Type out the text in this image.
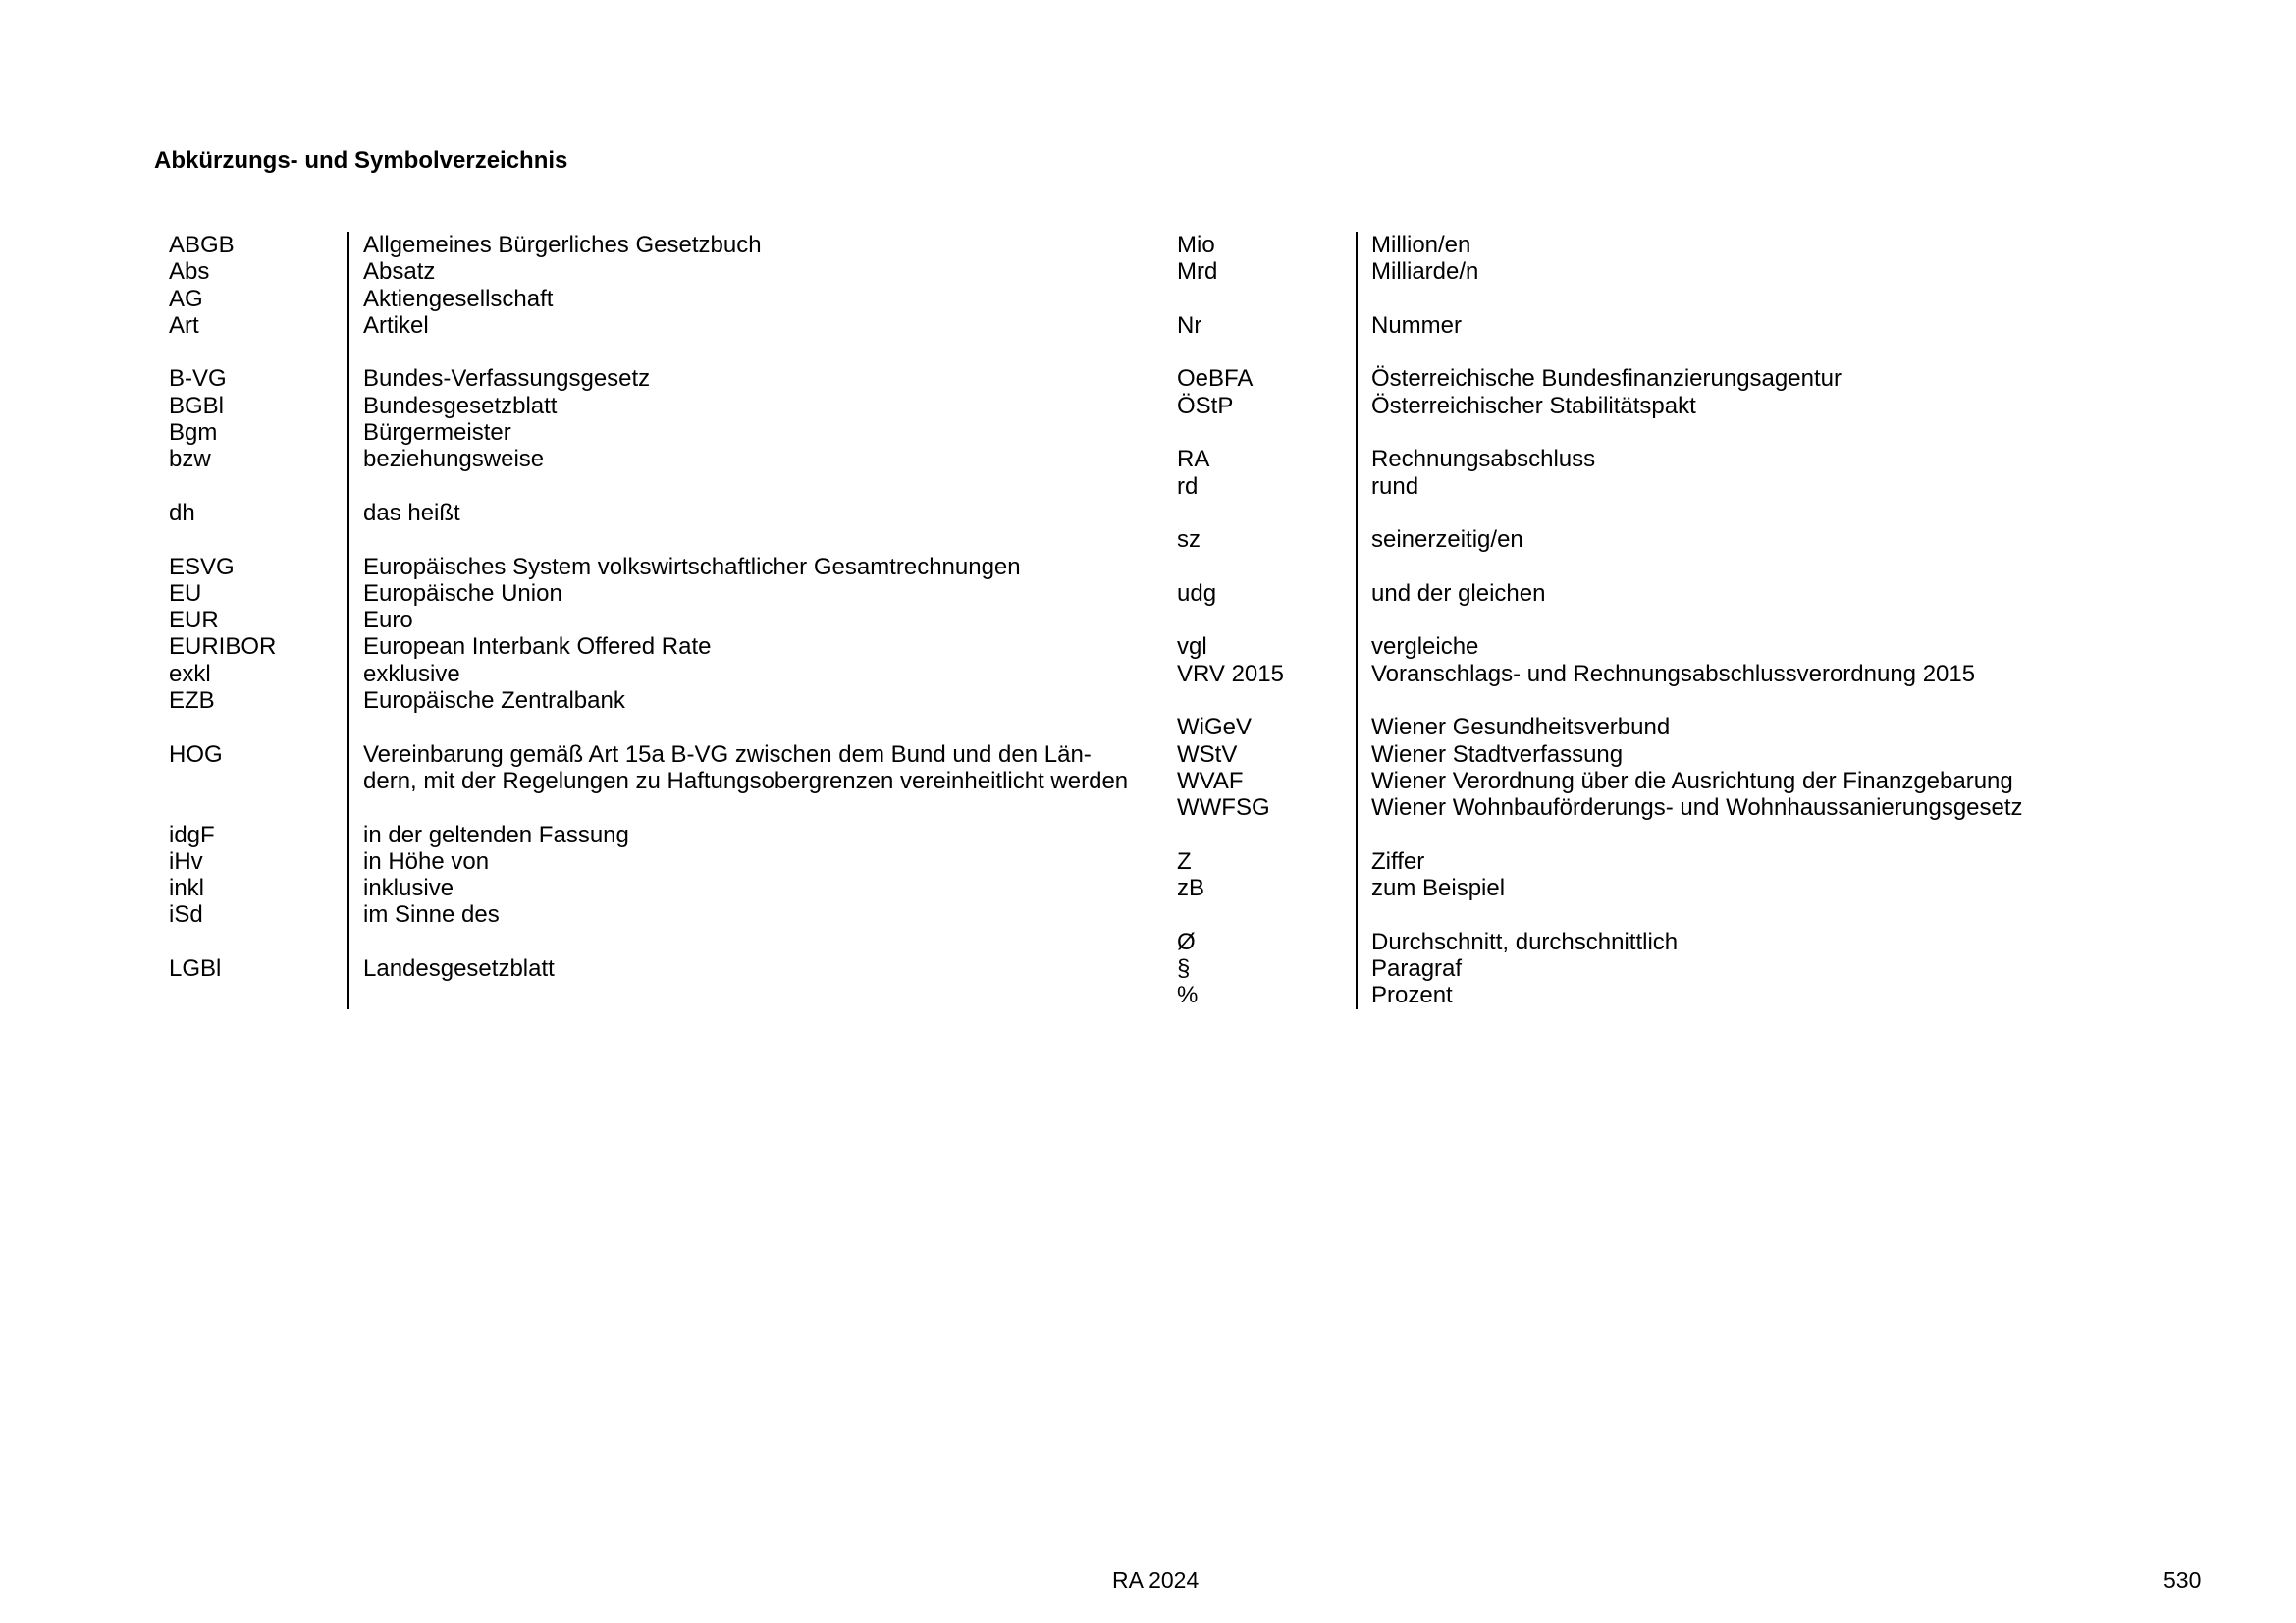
Abkürzungs- und Symbolverzeichnis
ABGB	Allgemeines Bürgerliches Gesetzbuch
Abs	Absatz
AG	Aktiengesellschaft
Art	Artikel
B-VG	Bundes-Verfassungsgesetz
BGBl	Bundesgesetzblatt
Bgm	Bürgermeister
bzw	beziehungsweise
dh	das heißt
ESVG	Europäisches System volkswirtschaftlicher Gesamtrechnungen
EU	Europäische Union
EUR	Euro
EURIBOR	European Interbank Offered Rate
exkl	exklusive
EZB	Europäische Zentralbank
HOG	Vereinbarung gemäß Art 15a B-VG zwischen dem Bund und den Län-
dern, mit der Regelungen zu Haftungsobergrenzen vereinheitlicht werden
idgF	in der geltenden Fassung
iHv	in Höhe von
inkl	inklusive
iSd	im Sinne des
LGBl	Landesgesetzblatt
Mio	Million/en
Mrd	Milliarde/n
Nr	Nummer
OeBFA	Österreichische Bundesfinanzierungsagentur
ÖStP	Österreichischer Stabilitätspakt
RA	Rechnungsabschluss
rd	rund
sz	seinerzeitig/en
udg	und der gleichen
vgl	vergleiche
VRV 2015	Voranschlags- und Rechnungsabschlussverordnung 2015
WiGeV	Wiener Gesundheitsverbund
WStV	Wiener Stadtverfassung
WVAF	Wiener Verordnung über die Ausrichtung der Finanzgebarung
WWFSG	Wiener Wohnbauförderungs- und Wohnhaussanierungsgesetz
Z	Ziffer
zB	zum Beispiel
Ø	Durchschnitt, durchschnittlich
§	Paragraf
%	Prozent
RA 2024	530
